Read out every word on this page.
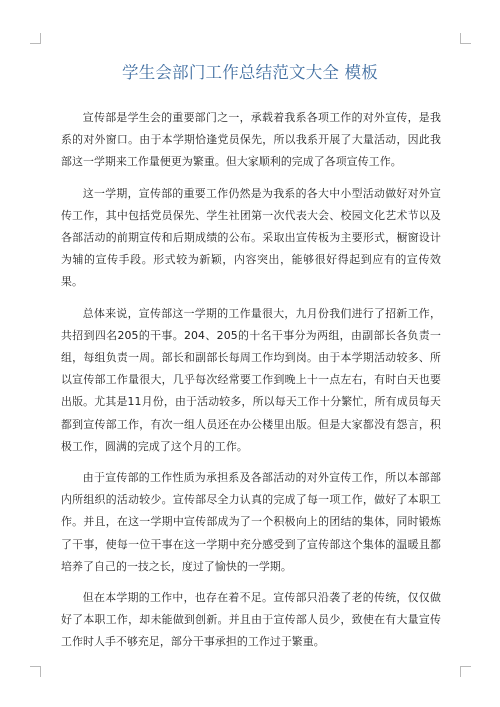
学生会部门工作总结范文大全 模板

宣传部是学生会的重要部门之一，承载着我系各项工作的对外宣传，是我系的对外窗口。由于本学期恰逢党员保先，所以我系开展了大量活动，因此我部这一学期来工作量便更为繁重。但大家顺利的完成了各项宣传工作。

这一学期，宣传部的重要工作仍然是为我系的各大中小型活动做好对外宣传工作，其中包括党员保先、学生社团第一次代表大会、校园文化艺术节以及各部活动的前期宣传和后期成绩的公布。采取出宣传板为主要形式，橱窗设计为辅的宣传手段。形式较为新颖，内容突出，能够很好得起到应有的宣传效果。

总体来说，宣传部这一学期的工作量很大，九月份我们进行了招新工作，共招到四名205的干事。204、205的十名干事分为两组，由副部长各负责一组，每组负责一周。部长和副部长每周工作均到岗。由于本学期活动较多、所以宣传部工作量很大，几乎每次经常要工作到晚上十一点左右，有时白天也要出版。尤其是11月份，由于活动较多，所以每天工作十分繁忙，所有成员每天都到宣传部工作，有次一组人员还在办公楼里出版。但是大家都没有怨言，积极工作，圆满的完成了这个月的工作。

由于宣传部的工作性质为承担系及各部活动的对外宣传工作，所以本部部内所组织的活动较少。宣传部尽全力认真的完成了每一项工作，做好了本职工作。并且，在这一学期中宣传部成为了一个积极向上的团结的集体，同时锻炼了干事，使每一位干事在这一学期中充分感受到了宣传部这个集体的温暖且都培养了自己的一技之长，度过了愉快的一学期。

但在本学期的工作中，也存在着不足。宣传部只沿袭了老的传统，仅仅做好了本职工作，却未能做到创新。并且由于宣传部人员少，致使在有大量宣传工作时人手不够充足，部分干事承担的工作过于繁重。
